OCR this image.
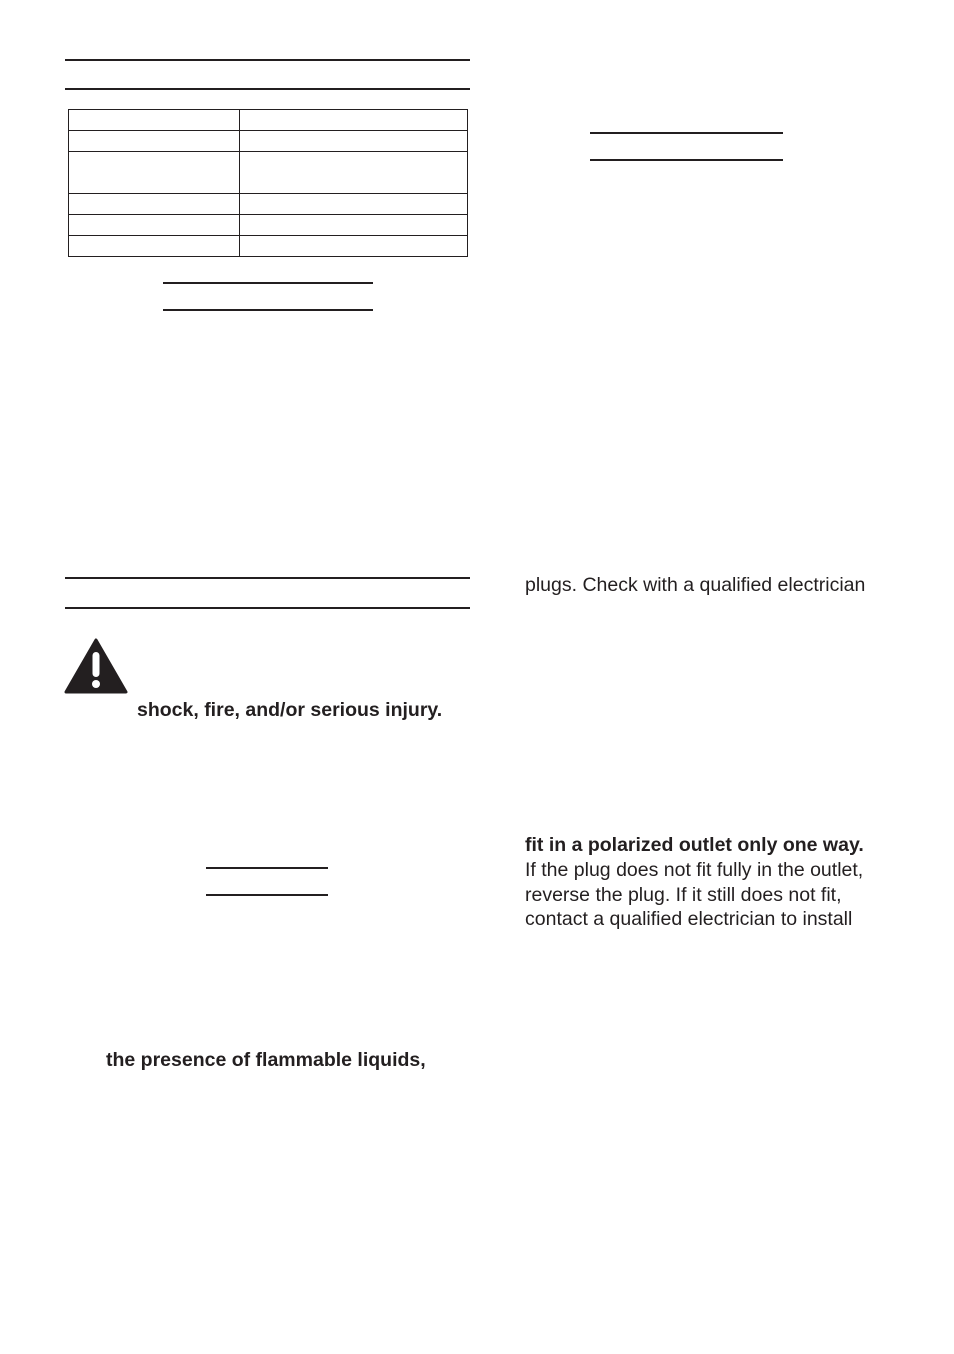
shock, fire, and/or serious injury.
the presence of flammable liquids,
plugs. Check with a qualified electrician
fit in a polarized outlet only one way.
If the plug does not fit fully in the outlet,
reverse the plug. If it still does not fit,
contact a qualified electrician to install
